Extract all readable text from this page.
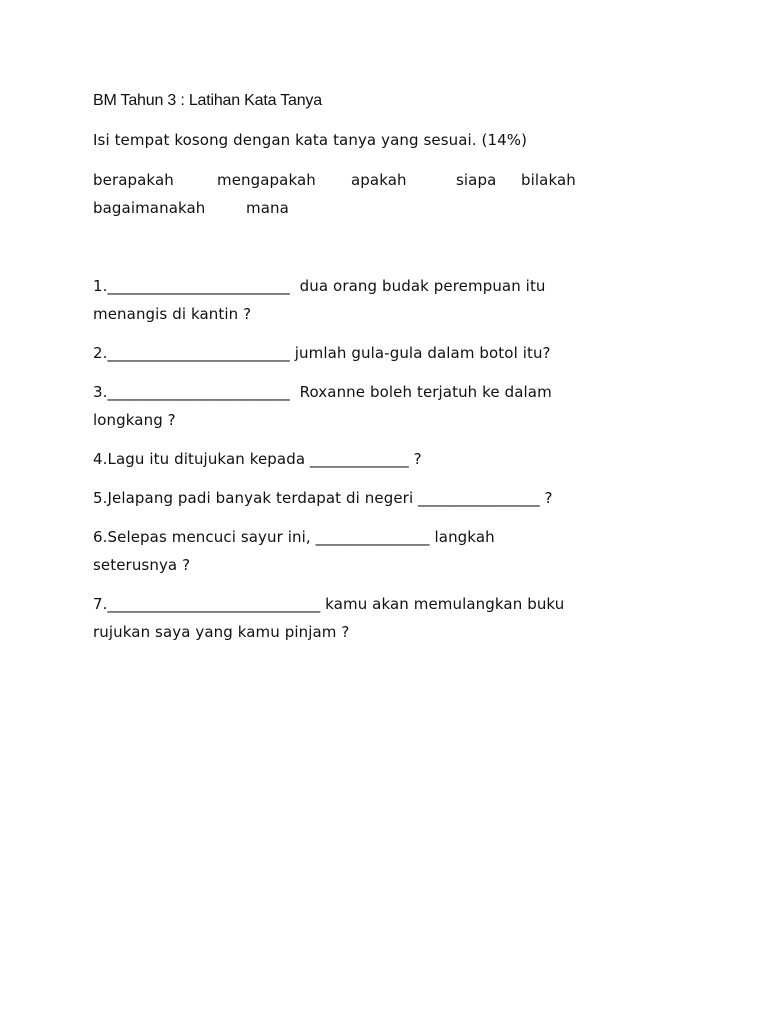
BM Tahun 3 : Latihan Kata Tanya
Isi tempat kosong dengan kata tanya yang sesuai. (14%)
berapakah	mengapakah apakah	siapa bilakah
bagaimanakah	mana
1.________________________  dua orang budak perempuan itu
menangis di kantin ?
2.________________________ jumlah gula-gula dalam botol itu?
3.________________________  Roxanne boleh terjatuh ke dalam
longkang ?
4.Lagu itu ditujukan kepada _____________ ?
5.Jelapang padi banyak terdapat di negeri ________________ ?
6.Selepas mencuci sayur ini, _______________ langkah
seterusnya ?
7.____________________________ kamu akan memulangkan buku
rujukan saya yang kamu pinjam ?
